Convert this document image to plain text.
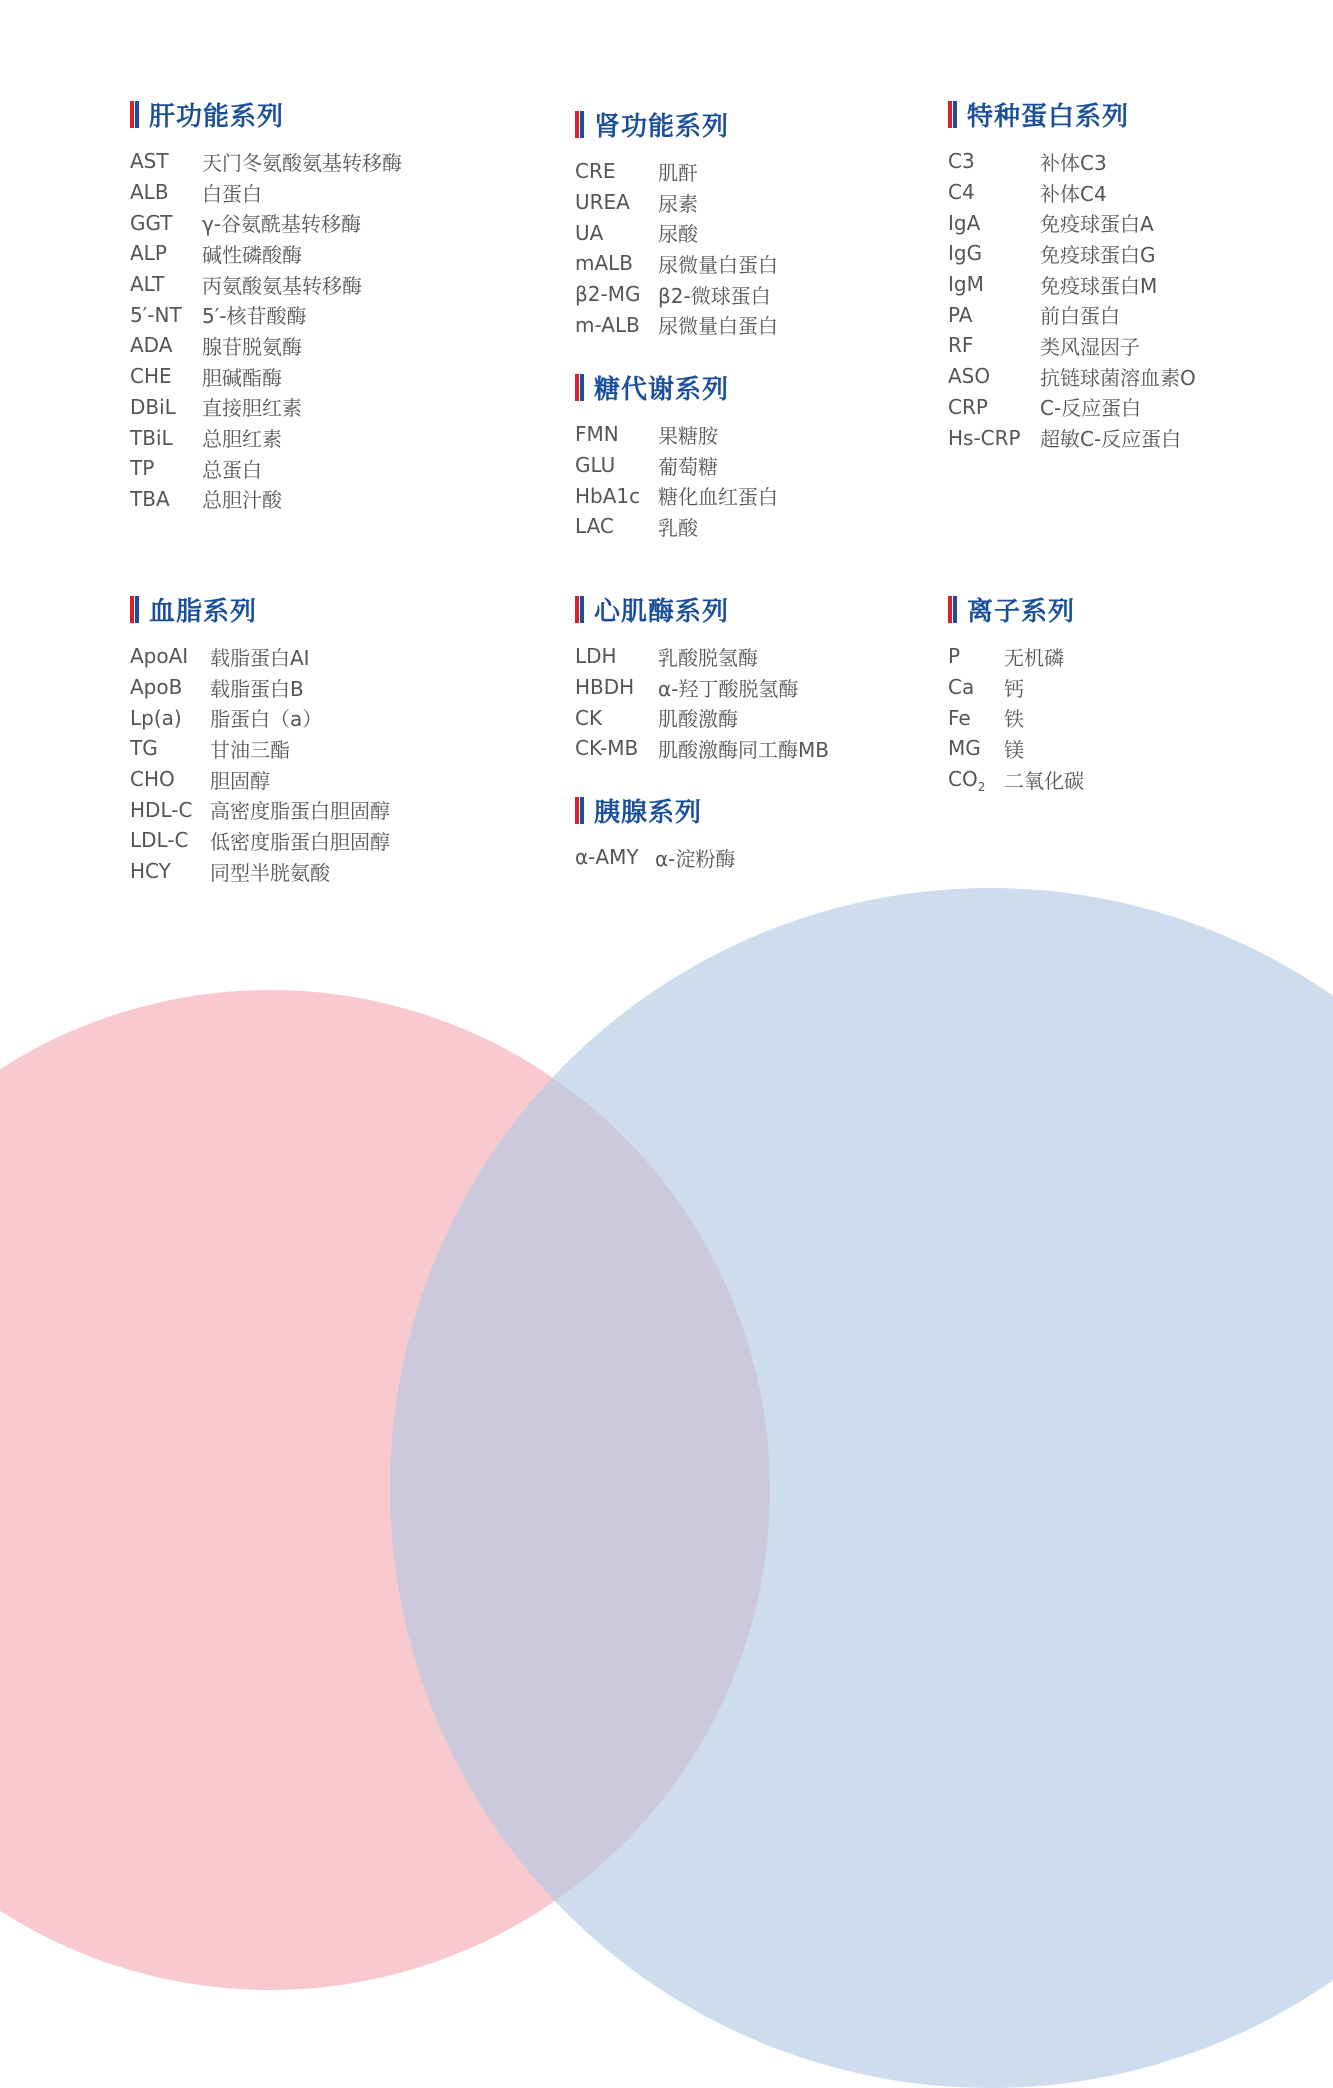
肝功能系列
AST	天门冬氨酸氨基转移酶
ALB	白蛋白
GGT	γ-谷氨酰基转移酶
ALP	碱性磷酸酶
ALT	丙氨酸氨基转移酶
5′-NT	5′-核苷酸酶
ADA	腺苷脱氨酶
CHE	胆碱酯酶
DBiL	直接胆红素
TBiL	总胆红素
TP	总蛋白
TBA	总胆汁酸
肾功能系列
CRE	肌酐
UREA	尿素
UA	尿酸
mALB	尿微量白蛋白
β2-MG β2-微球蛋白
m-ALB 尿微量白蛋白
糖代谢系列
FMN	果糖胺
GLU	葡萄糖
HbA1c 糖化血红蛋白
LAC	乳酸
特种蛋白系列
C3	补体C3
C4	补体C4
IgA	免疫球蛋白A
IgG	免疫球蛋白G
IgM	免疫球蛋白M
PA	前白蛋白
RF	类风湿因子
ASO	抗链球菌溶血素O
CRP	C-反应蛋白
Hs-CRP 超敏C-反应蛋白
血脂系列
ApoAI	载脂蛋白AI
ApoB	载脂蛋白B
Lp(a)	脂蛋白（a）
TG	甘油三酯
CHO	胆固醇
HDL-C 高密度脂蛋白胆固醇
LDL-C	低密度脂蛋白胆固醇
HCY	同型半胱氨酸
心肌酶系列
LDH	乳酸脱氢酶
HBDH	α-羟丁酸脱氢酶
CK	肌酸激酶
CK-MB 肌酸激酶同工酶MB
胰腺系列
α-AMY α-淀粉酶
离子系列
P	无机磷
Ca	钙
Fe	铁
MG	镁
$CO_2$ 二氧化碳
